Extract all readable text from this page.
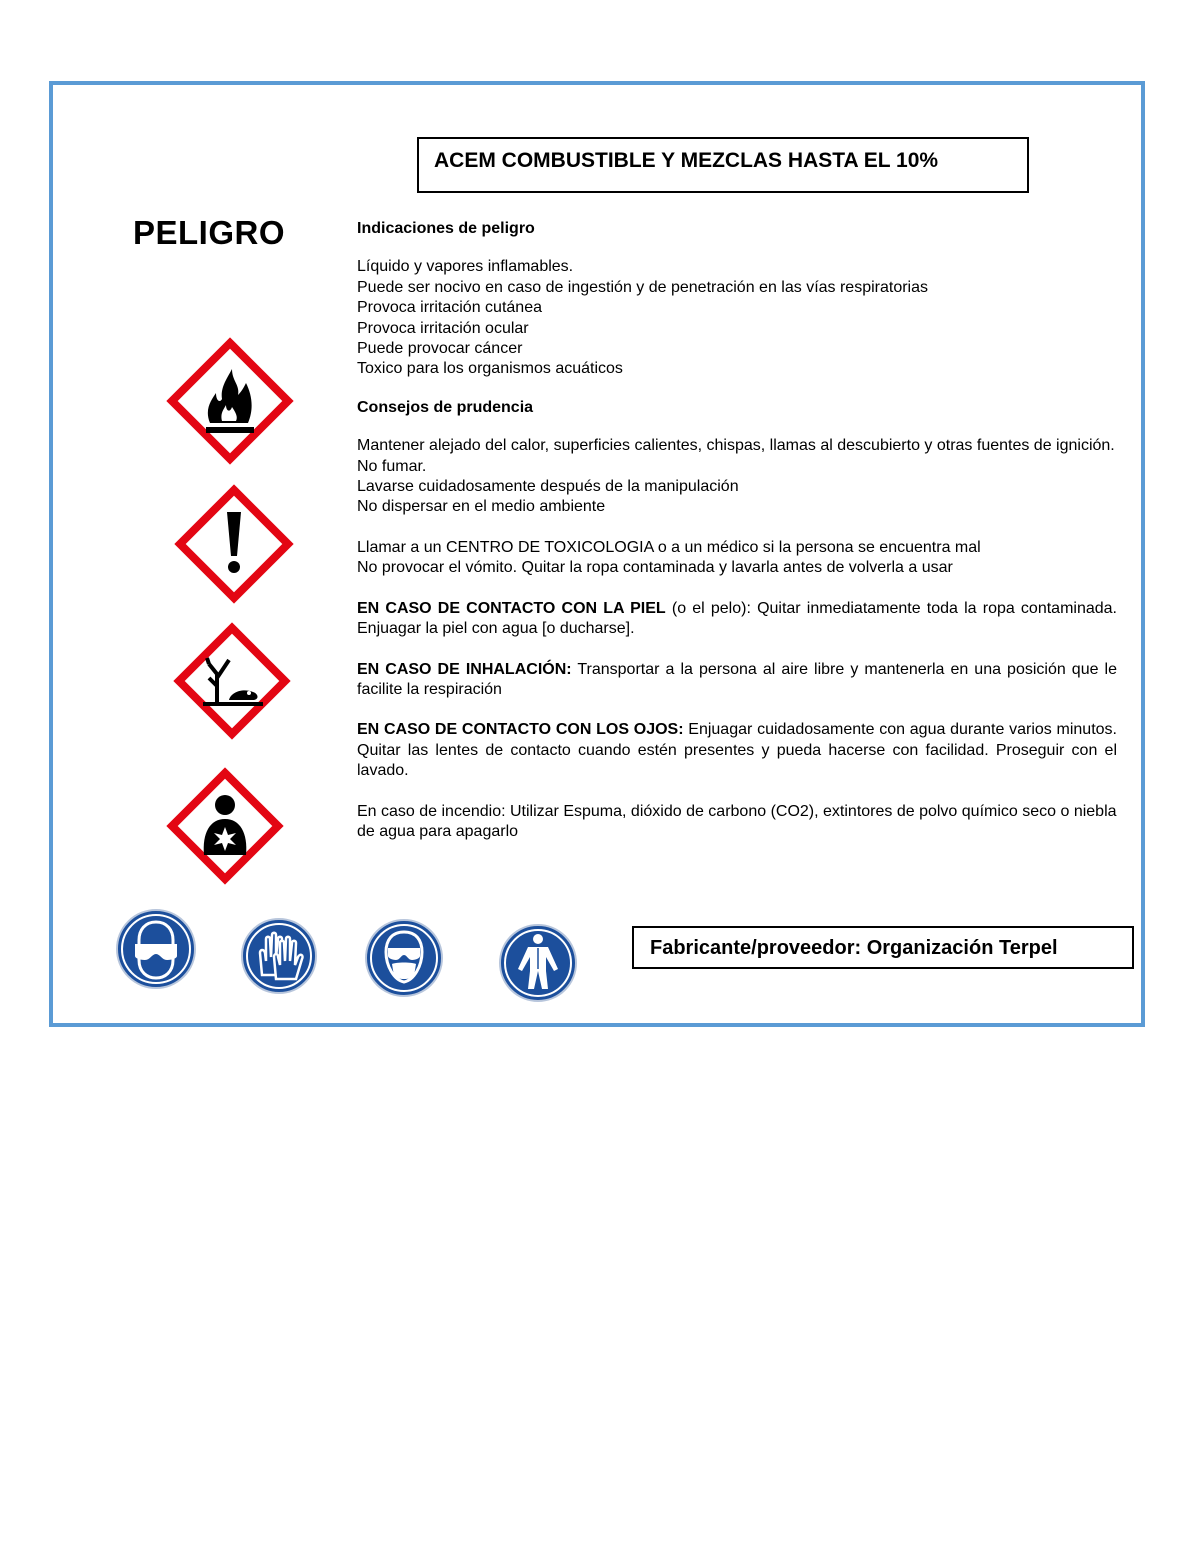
ACEM COMBUSTIBLE Y MEZCLAS HASTA EL 10%
PELIGRO	Indicaciones de peligro
Líquido y vapores inflamables.
Puede ser nocivo en caso de ingestión y de penetración en las vías respiratorias
Provoca irritación cutánea
Provoca irritación ocular
Puede provocar cáncer
Toxico para los organismos acuáticos
Consejos de prudencia
Mantener alejado del calor, superficies calientes, chispas, llamas al descubierto y otras fuentes de ignición. No fumar.
Lavarse cuidadosamente después de la manipulación
No dispersar en el medio ambiente
Llamar a un CENTRO DE TOXICOLOGIA o a un médico si la persona se encuentra mal
No provocar el vómito. Quitar la ropa contaminada y lavarla antes de volverla a usar
EN CASO DE CONTACTO CON LA PIEL (o el pelo): Quitar inmediatamente toda la ropa contaminada. Enjuagar la piel con agua [o ducharse].
EN CASO DE INHALACIÓN: Transportar a la persona al aire libre y mantenerla en una posición que le facilite la respiración
EN CASO DE CONTACTO CON LOS OJOS: Enjuagar cuidadosamente con agua durante varios minutos. Quitar las lentes de contacto cuando estén presentes y pueda hacerse con facilidad. Proseguir con el lavado.
En caso de incendio: Utilizar Espuma, dióxido de carbono (CO2), extintores de polvo químico seco o niebla de agua para apagarlo
Fabricante/proveedor: Organización Terpel
